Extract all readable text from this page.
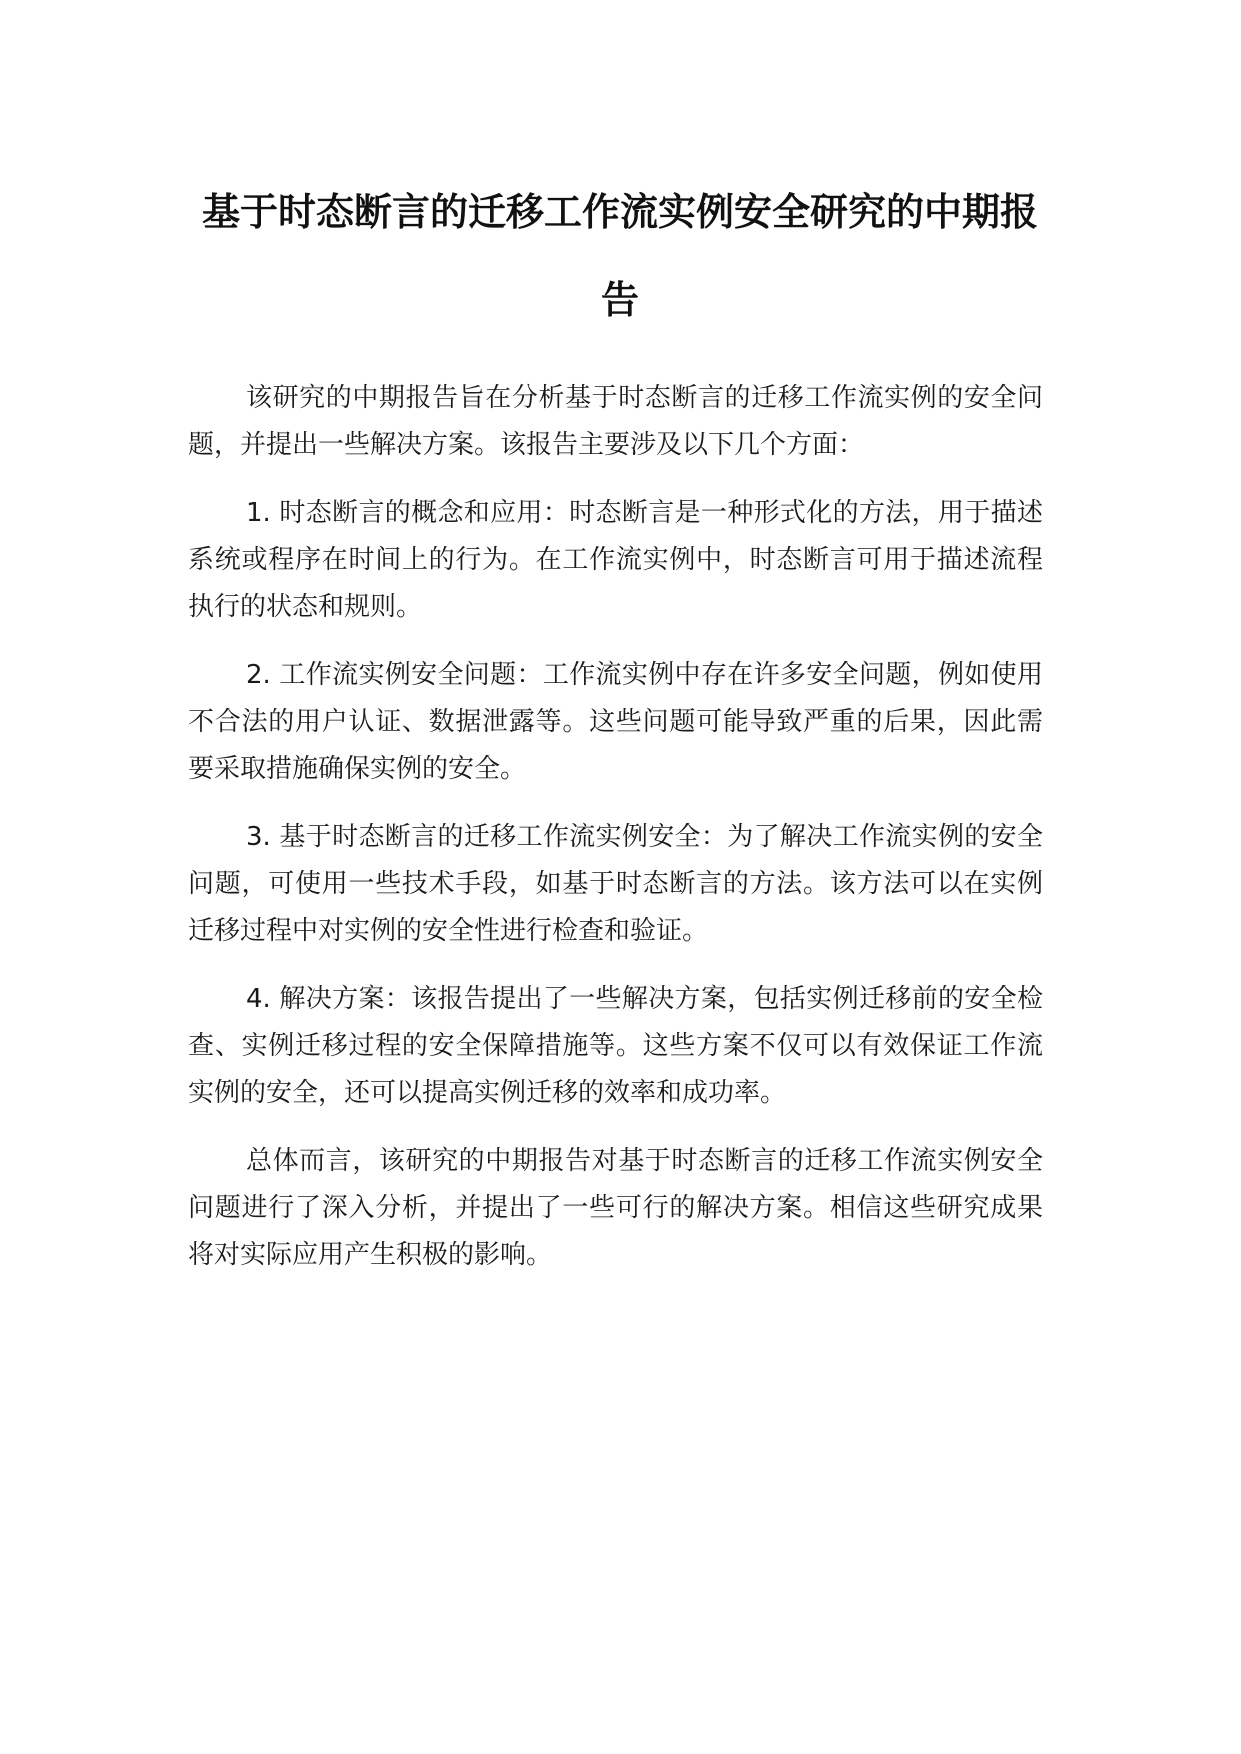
基于时态断言的迁移工作流实例安全研究的中期报告

该研究的中期报告旨在分析基于时态断言的迁移工作流实例的安全问题，并提出一些解决方案。该报告主要涉及以下几个方面：

1. 时态断言的概念和应用：时态断言是一种形式化的方法，用于描述系统或程序在时间上的行为。在工作流实例中，时态断言可用于描述流程执行的状态和规则。

2. 工作流实例安全问题：工作流实例中存在许多安全问题，例如使用不合法的用户认证、数据泄露等。这些问题可能导致严重的后果，因此需要采取措施确保实例的安全。

3. 基于时态断言的迁移工作流实例安全：为了解决工作流实例的安全问题，可使用一些技术手段，如基于时态断言的方法。该方法可以在实例迁移过程中对实例的安全性进行检查和验证。

4. 解决方案：该报告提出了一些解决方案，包括实例迁移前的安全检查、实例迁移过程的安全保障措施等。这些方案不仅可以有效保证工作流实例的安全，还可以提高实例迁移的效率和成功率。

总体而言，该研究的中期报告对基于时态断言的迁移工作流实例安全问题进行了深入分析，并提出了一些可行的解决方案。相信这些研究成果将对实际应用产生积极的影响。
